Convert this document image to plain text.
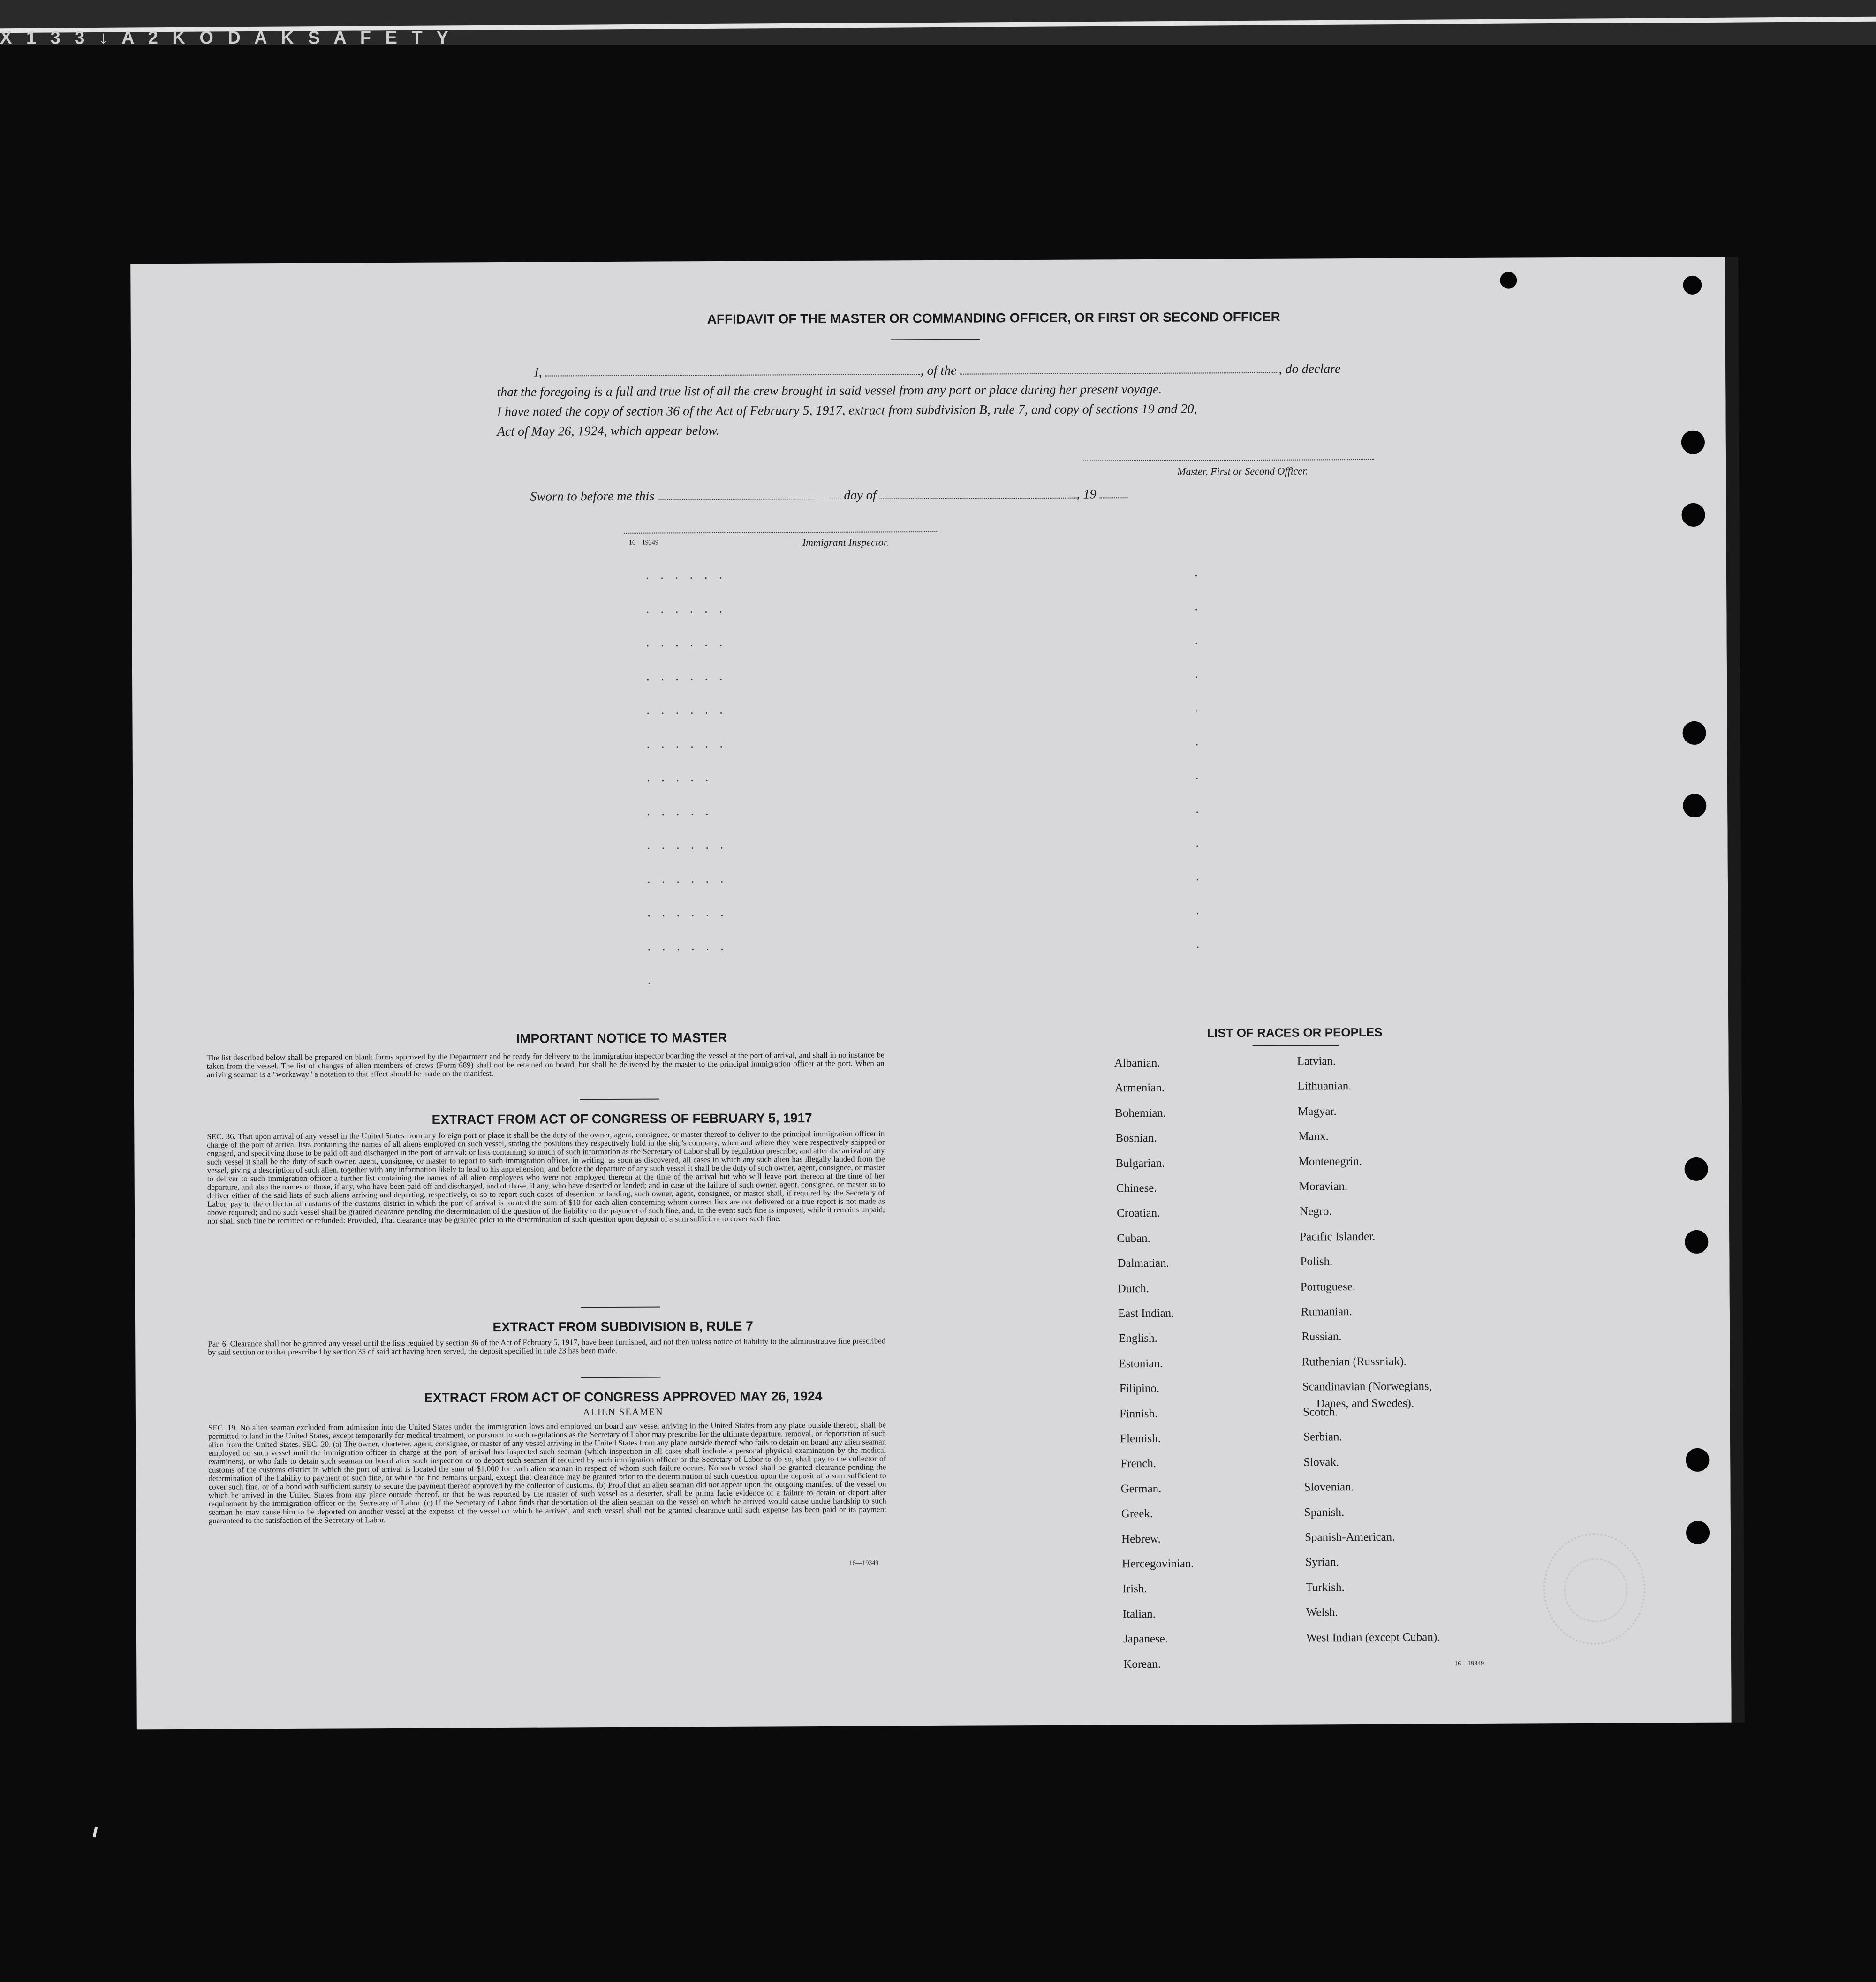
X 1 3 3 ↓ A 2 K O D A K S A F E T Y
AFFIDAVIT OF THE MASTER OR COMMANDING OFFICER, OR FIRST OR SECOND OFFICER
I,	, of the	, do declare
that the foregoing is a full and true list of all the crew brought in said vessel from any port or place during her present voyage.
I have noted the copy of section 36 of the Act of February 5, 1917, extract from subdivision B, rule 7, and copy of sections 19 and 20,
Act of May 26, 1924, which appear below.
Master, First or Second Officer.
Sworn to before me this	day of	, 19
16—19349	Immigrant Inspector.
· · · · · ·
· · · · · ·
· · · · · ·
· · · · · ·
· · · · · ·
· · · · · ·
· · · · ·
· · · · ·
· · · · · ·
· · · · · ·
· · · · · ·
· · · · · ·
·
·
·
·
·
·
·
·
·
·
·
·
·
IMPORTANT NOTICE TO MASTER
The list described below shall be prepared on blank forms approved by the Department and be ready for delivery to the immigration inspector boarding the vessel at the port of arrival, and shall in no instance be taken from the vessel. The list of changes of alien members of crews (Form 689) shall not be retained on board, but shall be delivered by the master to the principal immigration officer at the port. When an arriving seaman is a "workaway" a notation to that effect should be made on the manifest.
EXTRACT FROM ACT OF CONGRESS OF FEBRUARY 5, 1917
SEC. 36. That upon arrival of any vessel in the United States from any foreign port or place it shall be the duty of the owner, agent, consignee, or master thereof to deliver to the principal immigration officer in charge of the port of arrival lists containing the names of all aliens employed on such vessel, stating the positions they respectively hold in the ship's company, when and where they were respectively shipped or engaged, and specifying those to be paid off and discharged in the port of arrival; or lists containing so much of such information as the Secretary of Labor shall by regulation prescribe; and after the arrival of any such vessel it shall be the duty of such owner, agent, consignee, or master to report to such immigration officer, in writing, as soon as discovered, all cases in which any such alien has illegally landed from the vessel, giving a description of such alien, together with any information likely to lead to his apprehension; and before the departure of any such vessel it shall be the duty of such owner, agent, consignee, or master to deliver to such immigration officer a further list containing the names of all alien employees who were not employed thereon at the time of the arrival but who will leave port thereon at the time of her departure, and also the names of those, if any, who have been paid off and discharged, and of those, if any, who have deserted or landed; and in case of the failure of such owner, agent, consignee, or master so to deliver either of the said lists of such aliens arriving and departing, respectively, or so to report such cases of desertion or landing, such owner, agent, consignee, or master shall, if required by the Secretary of Labor, pay to the collector of customs of the customs district in which the port of arrival is located the sum of $10 for each alien concerning whom correct lists are not delivered or a true report is not made as above required; and no such vessel shall be granted clearance pending the determination of the question of the liability to the payment of such fine, and, in the event such fine is imposed, while it remains unpaid; nor shall such fine be remitted or refunded: Provided, That clearance may be granted prior to the determination of such question upon deposit of a sum sufficient to cover such fine.
EXTRACT FROM SUBDIVISION B, RULE 7
Par. 6. Clearance shall not be granted any vessel until the lists required by section 36 of the Act of February 5, 1917, have been furnished, and not then unless notice of liability to the administrative fine prescribed by said section or to that prescribed by section 35 of said act having been served, the deposit specified in rule 23 has been made.
EXTRACT FROM ACT OF CONGRESS APPROVED MAY 26, 1924
ALIEN SEAMEN
SEC. 19. No alien seaman excluded from admission into the United States under the immigration laws and employed on board any vessel arriving in the United States from any place outside thereof, shall be permitted to land in the United States, except temporarily for medical treatment, or pursuant to such regulations as the Secretary of Labor may prescribe for the ultimate departure, removal, or deportation of such alien from the United States. SEC. 20. (a) The owner, charterer, agent, consignee, or master of any vessel arriving in the United States from any place outside thereof who fails to detain on board any alien seaman employed on such vessel until the immigration officer in charge at the port of arrival has inspected such seaman (which inspection in all cases shall include a personal physical examination by the medical examiners), or who fails to detain such seaman on board after such inspection or to deport such seaman if required by such immigration officer or the Secretary of Labor to do so, shall pay to the collector of customs of the customs district in which the port of arrival is located the sum of $1,000 for each alien seaman in respect of whom such failure occurs. No such vessel shall be granted clearance pending the determination of the liability to payment of such fine, or while the fine remains unpaid, except that clearance may be granted prior to the determination of such question upon the deposit of a sum sufficient to cover such fine, or of a bond with sufficient surety to secure the payment thereof approved by the collector of customs. (b) Proof that an alien seaman did not appear upon the outgoing manifest of the vessel on which he arrived in the United States from any place outside thereof, or that he was reported by the master of such vessel as a deserter, shall be prima facie evidence of a failure to detain or deport after requirement by the immigration officer or the Secretary of Labor. (c) If the Secretary of Labor finds that deportation of the alien seaman on the vessel on which he arrived would cause undue hardship to such seaman he may cause him to be deported on another vessel at the expense of the vessel on which he arrived, and such vessel shall not be granted clearance until such expense has been paid or its payment guaranteed to the satisfaction of the Secretary of Labor.
16—19349
LIST OF RACES OR PEOPLES
Albanian.
Armenian.
Bohemian.
Bosnian.
Bulgarian.
Chinese.
Croatian.
Cuban.
Dalmatian.
Dutch.
East Indian.
English.
Estonian.
Filipino.
Finnish.
Flemish.
French.
German.
Greek.
Hebrew.
Hercegovinian.
Irish.
Italian.
Japanese.
Korean.
Latvian.
Lithuanian.
Magyar.
Manx.
Montenegrin.
Moravian.
Negro.
Pacific Islander.
Polish.
Portuguese.
Rumanian.
Russian.
Ruthenian (Russniak).
Scandinavian (Norwegians,
Danes, and Swedes).
Scotch.
Serbian.
Slovak.
Slovenian.
Spanish.
Spanish-American.
Syrian.
Turkish.
Welsh.
West Indian (except Cuban).
16—19349
